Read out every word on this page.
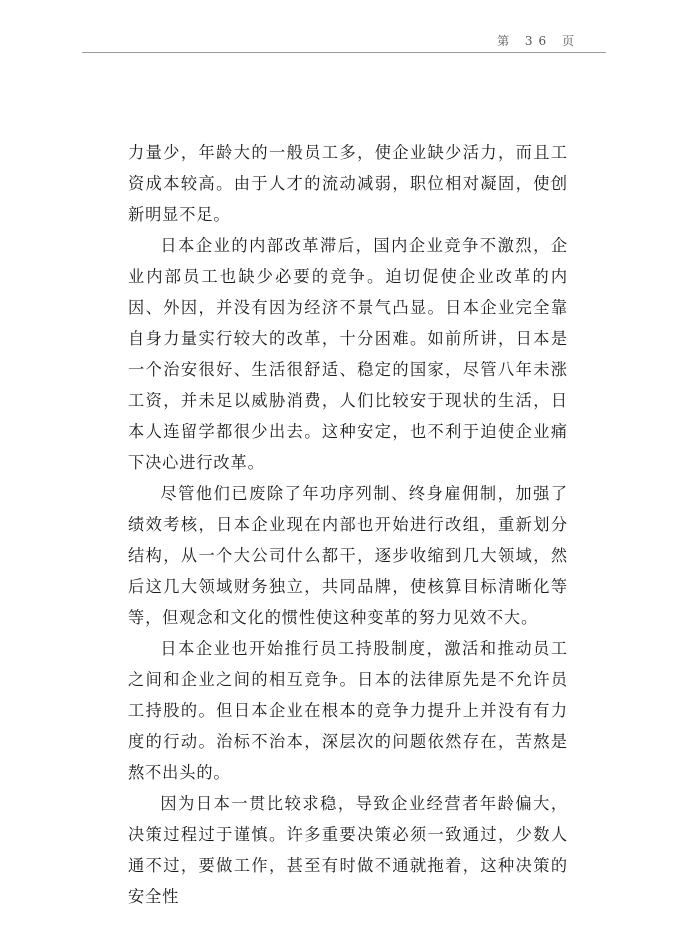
第 36 页

力量少，年龄大的一般员工多，使企业缺少活力，而且工资成本较高。由于人才的流动减弱，职位相对凝固，使创新明显不足。

日本企业的内部改革滞后，国内企业竞争不激烈，企业内部员工也缺少必要的竞争。迫切促使企业改革的内因、外因，并没有因为经济不景气凸显。日本企业完全靠自身力量实行较大的改革，十分困难。如前所讲，日本是一个治安很好、生活很舒适、稳定的国家，尽管八年未涨工资，并未足以威胁消费，人们比较安于现状的生活，日本人连留学都很少出去。这种安定，也不利于迫使企业痛下决心进行改革。

尽管他们已废除了年功序列制、终身雇佣制，加强了绩效考核，日本企业现在内部也开始进行改组，重新划分结构，从一个大公司什么都干，逐步收缩到几大领域，然后这几大领域财务独立，共同品牌，使核算目标清晰化等等，但观念和文化的惯性使这种变革的努力见效不大。

日本企业也开始推行员工持股制度，激活和推动员工之间和企业之间的相互竞争。日本的法律原先是不允许员工持股的。但日本企业在根本的竞争力提升上并没有有力度的行动。治标不治本，深层次的问题依然存在，苦熬是熬不出头的。

因为日本一贯比较求稳，导致企业经营者年龄偏大，决策过程过于谨慎。许多重要决策必须一致通过，少数人通不过，要做工作，甚至有时做不通就拖着，这种决策的安全性
